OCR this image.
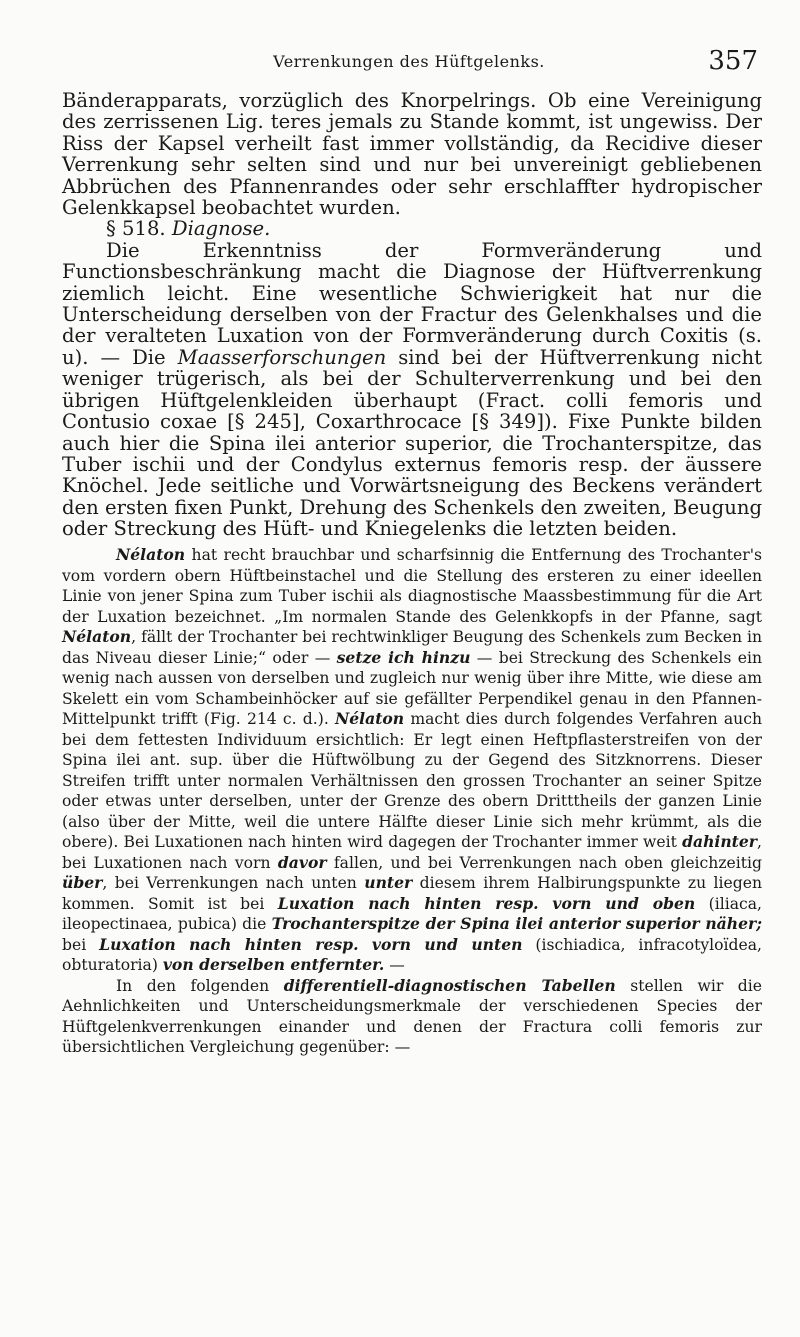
Verrenkungen des Hüftgelenks.	357

Bänderapparats, vorzüglich des Knorpelrings. Ob eine Vereinigung des zerrissenen Lig. teres jemals zu Stande kommt, ist ungewiss. Der Riss der Kapsel verheilt fast immer vollständig, da Recidive dieser Verrenkung sehr selten sind und nur bei unvereinigt gebliebenen Abbrüchen des Pfannenrandes oder sehr erschlaffter hydropischer Gelenkkapsel beobachtet wurden.

§ 518. Diagnose.

Die Erkenntniss der Formveränderung und Functionsbeschränkung macht die Diagnose der Hüftverrenkung ziemlich leicht. Eine wesentliche Schwierigkeit hat nur die Unterscheidung derselben von der Fractur des Gelenkhalses und die der veralteten Luxation von der Formveränderung durch Coxitis (s. u). — Die Maasserforschungen sind bei der Hüftverrenkung nicht weniger trügerisch, als bei der Schulterverrenkung und bei den übrigen Hüftgelenkleiden überhaupt (Fract. colli femoris und Contusio coxae [§ 245], Coxarthrocace [§ 349]). Fixe Punkte bilden auch hier die Spina ilei anterior superior, die Trochanterspitze, das Tuber ischii und der Condylus externus femoris resp. der äussere Knöchel. Jede seitliche und Vorwärtsneigung des Beckens verändert den ersten fixen Punkt, Drehung des Schenkels den zweiten, Beugung oder Streckung des Hüft- und Kniegelenks die letzten beiden.

Nélaton hat recht brauchbar und scharfsinnig die Entfernung des Trochanter's vom vordern obern Hüftbeinstachel und die Stellung des ersteren zu einer ideellen Linie von jener Spina zum Tuber ischii als diagnostische Maassbestimmung für die Art der Luxation bezeichnet. „Im normalen Stande des Gelenkkopfs in der Pfanne, sagt Nélaton, fällt der Trochanter bei rechtwinkliger Beugung des Schenkels zum Becken in das Niveau dieser Linie;“ oder — setze ich hinzu — bei Streckung des Schenkels ein wenig nach aussen von derselben und zugleich nur wenig über ihre Mitte, wie diese am Skelett ein vom Schambeinhöcker auf sie gefällter Perpendikel genau in den Pfannen-Mittelpunkt trifft (Fig. 214 c. d.). Nélaton macht dies durch folgendes Verfahren auch bei dem fettesten Individuum ersichtlich: Er legt einen Heftpflasterstreifen von der Spina ilei ant. sup. über die Hüftwölbung zu der Gegend des Sitzknorrens. Dieser Streifen trifft unter normalen Verhältnissen den grossen Trochanter an seiner Spitze oder etwas unter derselben, unter der Grenze des obern Dritttheils der ganzen Linie (also über der Mitte, weil die untere Hälfte dieser Linie sich mehr krümmt, als die obere). Bei Luxationen nach hinten wird dagegen der Trochanter immer weit dahinter, bei Luxationen nach vorn davor fallen, und bei Verrenkungen nach oben gleichzeitig über, bei Verrenkungen nach unten unter diesem ihrem Halbirungspunkte zu liegen kommen. Somit ist bei Luxation nach hinten resp. vorn und oben (iliaca, ileopectinaea, pubica) die Trochanterspitze der Spina ilei anterior superior näher; bei Luxation nach hinten resp. vorn und unten (ischiadica, infracotyloïdea, obturatoria) von derselben entfernter. —

In den folgenden differentiell-diagnostischen Tabellen stellen wir die Aehnlichkeiten und Unterscheidungsmerkmale der verschiedenen Species der Hüftgelenkverrenkungen einander und denen der Fractura colli femoris zur übersichtlichen Vergleichung gegenüber: —
